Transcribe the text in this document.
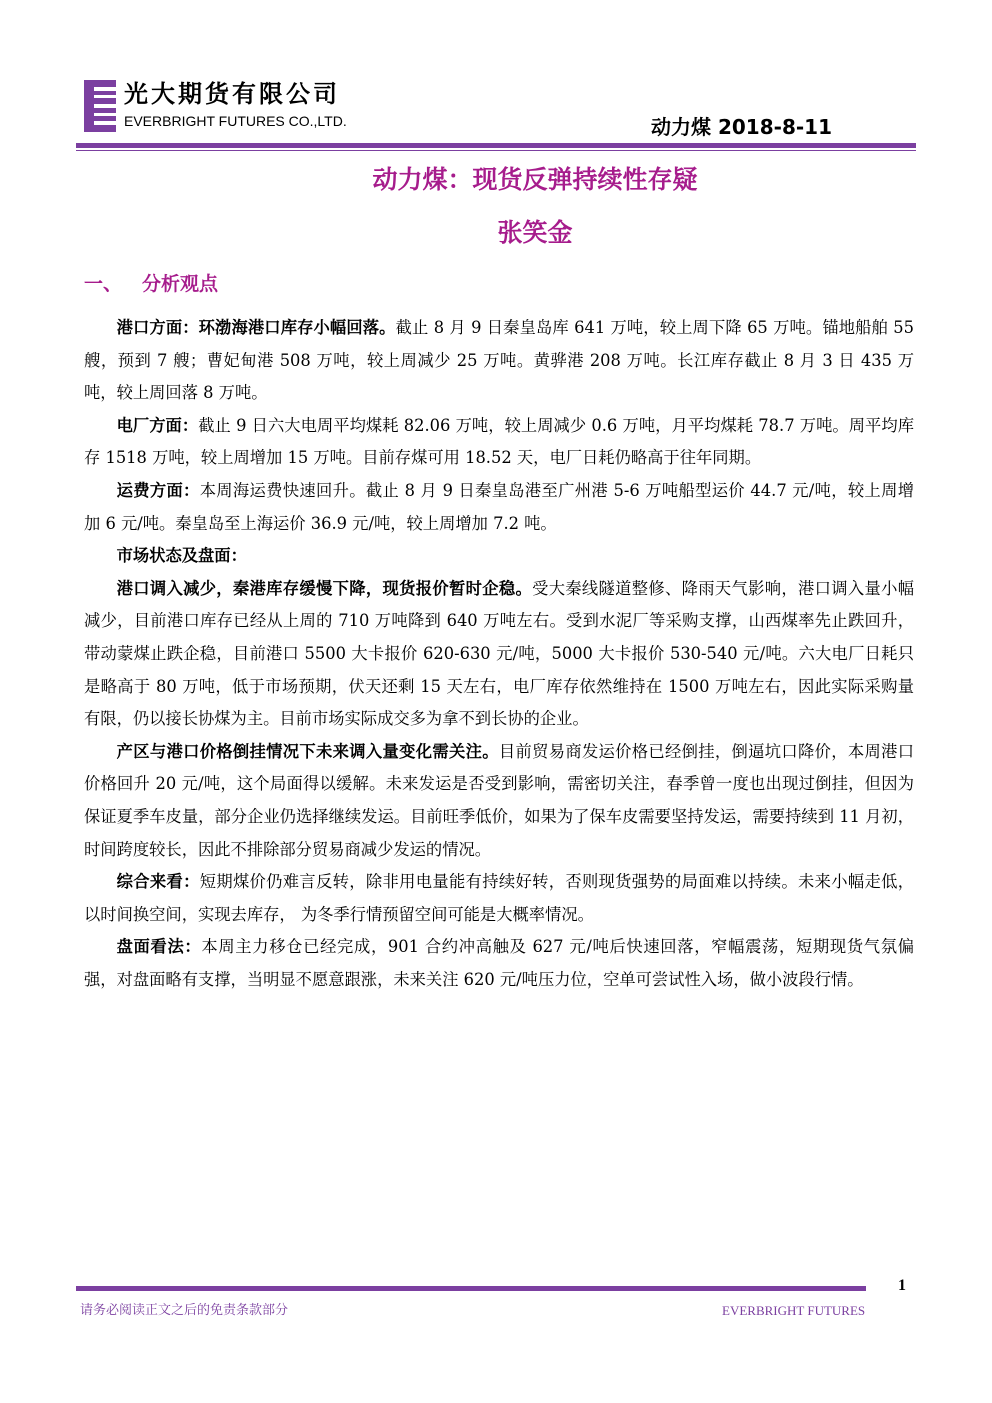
光大期货有限公司
EVERBRIGHT FUTURES CO.,LTD.	动力煤 2018-8-11
动力煤：现货反弹持续性存疑
张笑金
一、 分析观点

港口方面：环渤海港口库存小幅回落。截止 8 月 9 日秦皇岛库 641 万吨，较上周下降 65 万吨。锚地船舶 55 艘，预到 7 艘；曹妃甸港 508 万吨，较上周减少 25 万吨。黄骅港 208 万吨。长江库存截止 8 月 3 日 435 万吨，较上周回落 8 万吨。

电厂方面：截止 9 日六大电周平均煤耗 82.06 万吨，较上周减少 0.6 万吨，月平均煤耗 78.7 万吨。周平均库存 1518 万吨，较上周增加 15 万吨。目前存煤可用 18.52 天，电厂日耗仍略高于往年同期。

运费方面：本周海运费快速回升。截止 8 月 9 日秦皇岛港至广州港 5-6 万吨船型运价 44.7 元/吨，较上周增加 6 元/吨。秦皇岛至上海运价 36.9 元/吨，较上周增加 7.2 吨。

市场状态及盘面：

港口调入减少，秦港库存缓慢下降，现货报价暂时企稳。受大秦线隧道整修、降雨天气影响，港口调入量小幅减少，目前港口库存已经从上周的 710 万吨降到 640 万吨左右。受到水泥厂等采购支撑，山西煤率先止跌回升，带动蒙煤止跌企稳，目前港口 5500 大卡报价 620-630 元/吨，5000 大卡报价 530-540 元/吨。六大电厂日耗只是略高于 80 万吨，低于市场预期，伏天还剩 15 天左右，电厂库存依然维持在 1500 万吨左右，因此实际采购量有限，仍以接长协煤为主。目前市场实际成交多为拿不到长协的企业。

产区与港口价格倒挂情况下未来调入量变化需关注。目前贸易商发运价格已经倒挂，倒逼坑口降价，本周港口价格回升 20 元/吨，这个局面得以缓解。未来发运是否受到影响，需密切关注，春季曾一度也出现过倒挂，但因为保证夏季车皮量，部分企业仍选择继续发运。目前旺季低价，如果为了保车皮需要坚持发运，需要持续到 11 月初，时间跨度较长，因此不排除部分贸易商减少发运的情况。

综合来看：短期煤价仍难言反转，除非用电量能有持续好转，否则现货强势的局面难以持续。未来小幅走低，以时间换空间，实现去库存， 为冬季行情预留空间可能是大概率情况。

盘面看法：本周主力移仓已经完成，901 合约冲高触及 627 元/吨后快速回落，窄幅震荡，短期现货气氛偏强，对盘面略有支撑，当明显不愿意跟涨，未来关注 620 元/吨压力位，空单可尝试性入场，做小波段行情。

1
请务必阅读正文之后的免责条款部分	EVERBRIGHT FUTURES
